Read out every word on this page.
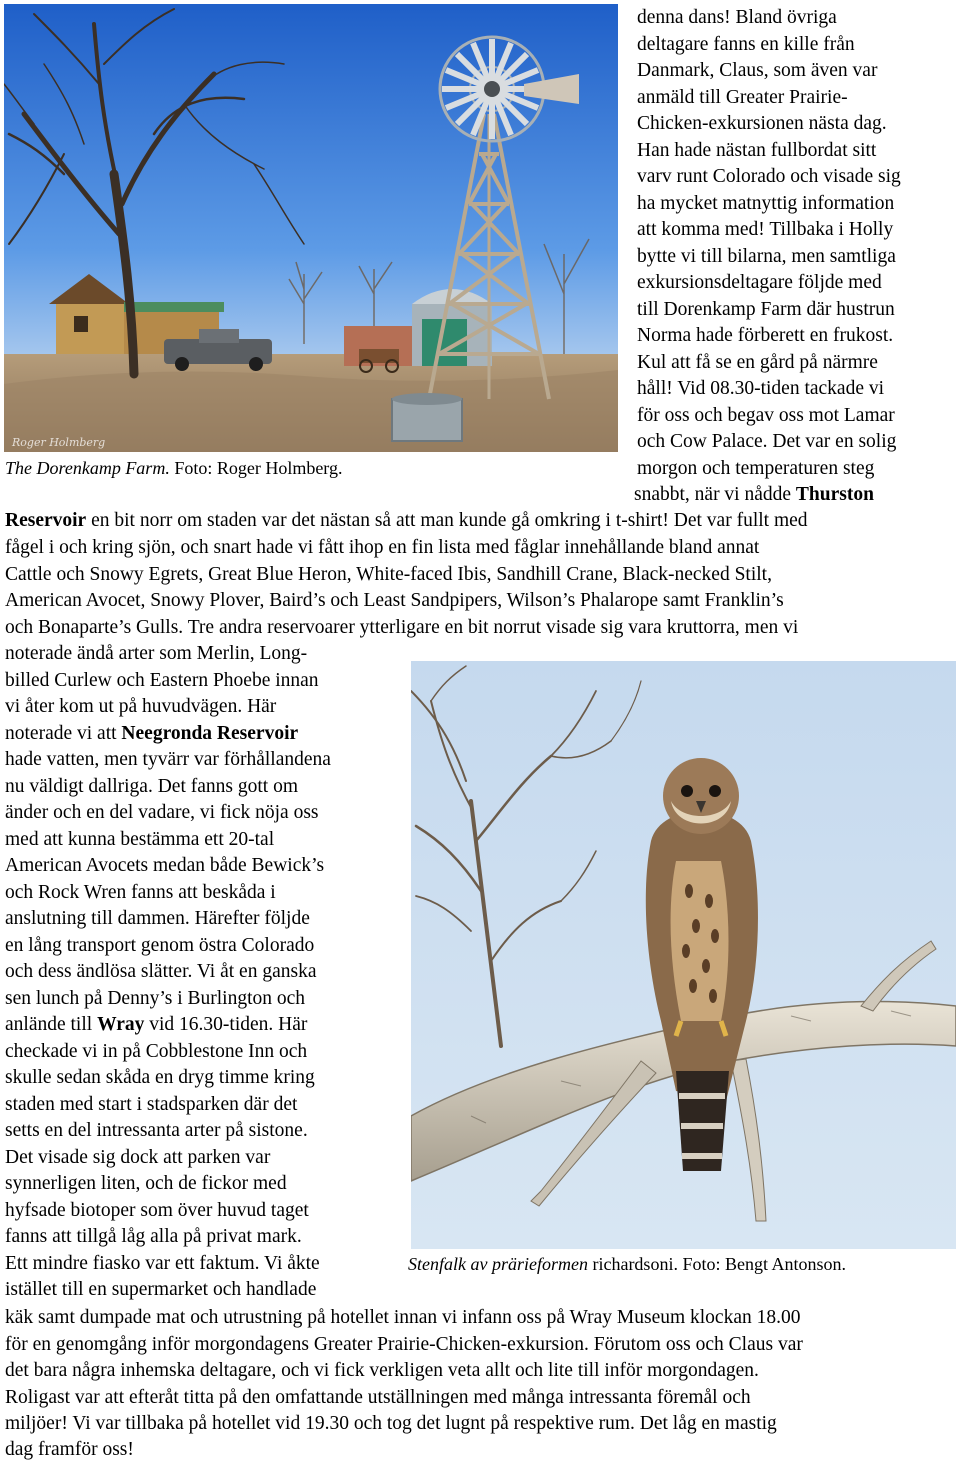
Roger Holmberg
The Dorenkamp Farm. Foto: Roger Holmberg.
denna dans! Bland övriga
deltagare fanns en kille från
Danmark, Claus, som även var
anmäld till Greater Prairie-
Chicken-exkursionen nästa dag.
Han hade nästan fullbordat sitt
varv runt Colorado och visade sig
ha mycket matnyttig information
att komma med! Tillbaka i Holly
bytte vi till bilarna, men samtliga
exkursionsdeltagare följde med
till Dorenkamp Farm där hustrun
Norma hade förberett en frukost.
Kul att få se en gård på närmre
håll! Vid 08.30-tiden tackade vi
för oss och begav oss mot Lamar
och Cow Palace. Det var en solig
morgon och temperaturen steg
snabbt, när vi nådde Thurston
Reservoir en bit norr om staden var det nästan så att man kunde gå omkring i t-shirt! Det var fullt med
fågel i och kring sjön, och snart hade vi fått ihop en fin lista med fåglar innehållande bland annat
Cattle och Snowy Egrets, Great Blue Heron, White-faced Ibis, Sandhill Crane, Black-necked Stilt,
American Avocet, Snowy Plover, Baird’s och Least Sandpipers, Wilson’s Phalarope samt Franklin’s
och Bonaparte’s Gulls. Tre andra reservoarer ytterligare en bit norrut visade sig vara kruttorra, men vi
noterade ändå arter som Merlin, Long-
billed Curlew och Eastern Phoebe innan
vi åter kom ut på huvudvägen. Här
noterade vi att Neegronda Reservoir
hade vatten, men tyvärr var förhållandena
nu väldigt dallriga. Det fanns gott om
änder och en del vadare, vi fick nöja oss
med att kunna bestämma ett 20-tal
American Avocets medan både Bewick’s
och Rock Wren fanns att beskåda i
anslutning till dammen. Härefter följde
en lång transport genom östra Colorado
och dess ändlösa slätter. Vi åt en ganska
sen lunch på Denny’s i Burlington och
anlände till Wray vid 16.30-tiden. Här
checkade vi in på Cobblestone Inn och
skulle sedan skåda en dryg timme kring
staden med start i stadsparken där det
setts en del intressanta arter på sistone.
Det visade sig dock att parken var
synnerligen liten, och de fickor med
hyfsade biotoper som över huvud taget
fanns att tillgå låg alla på privat mark.
Ett mindre fiasko var ett faktum. Vi åkte
istället till en supermarket och handlade
Stenfalk av prärieformen richardsoni. Foto: Bengt Antonson.
käk samt dumpade mat och utrustning på hotellet innan vi infann oss på Wray Museum klockan 18.00
för en genomgång inför morgondagens Greater Prairie-Chicken-exkursion. Förutom oss och Claus var
det bara några inhemska deltagare, och vi fick verkligen veta allt och lite till inför morgondagen.
Roligast var att efteråt titta på den omfattande utställningen med många intressanta föremål och
miljöer! Vi var tillbaka på hotellet vid 19.30 och tog det lugnt på respektive rum. Det låg en mastig
dag framför oss!
